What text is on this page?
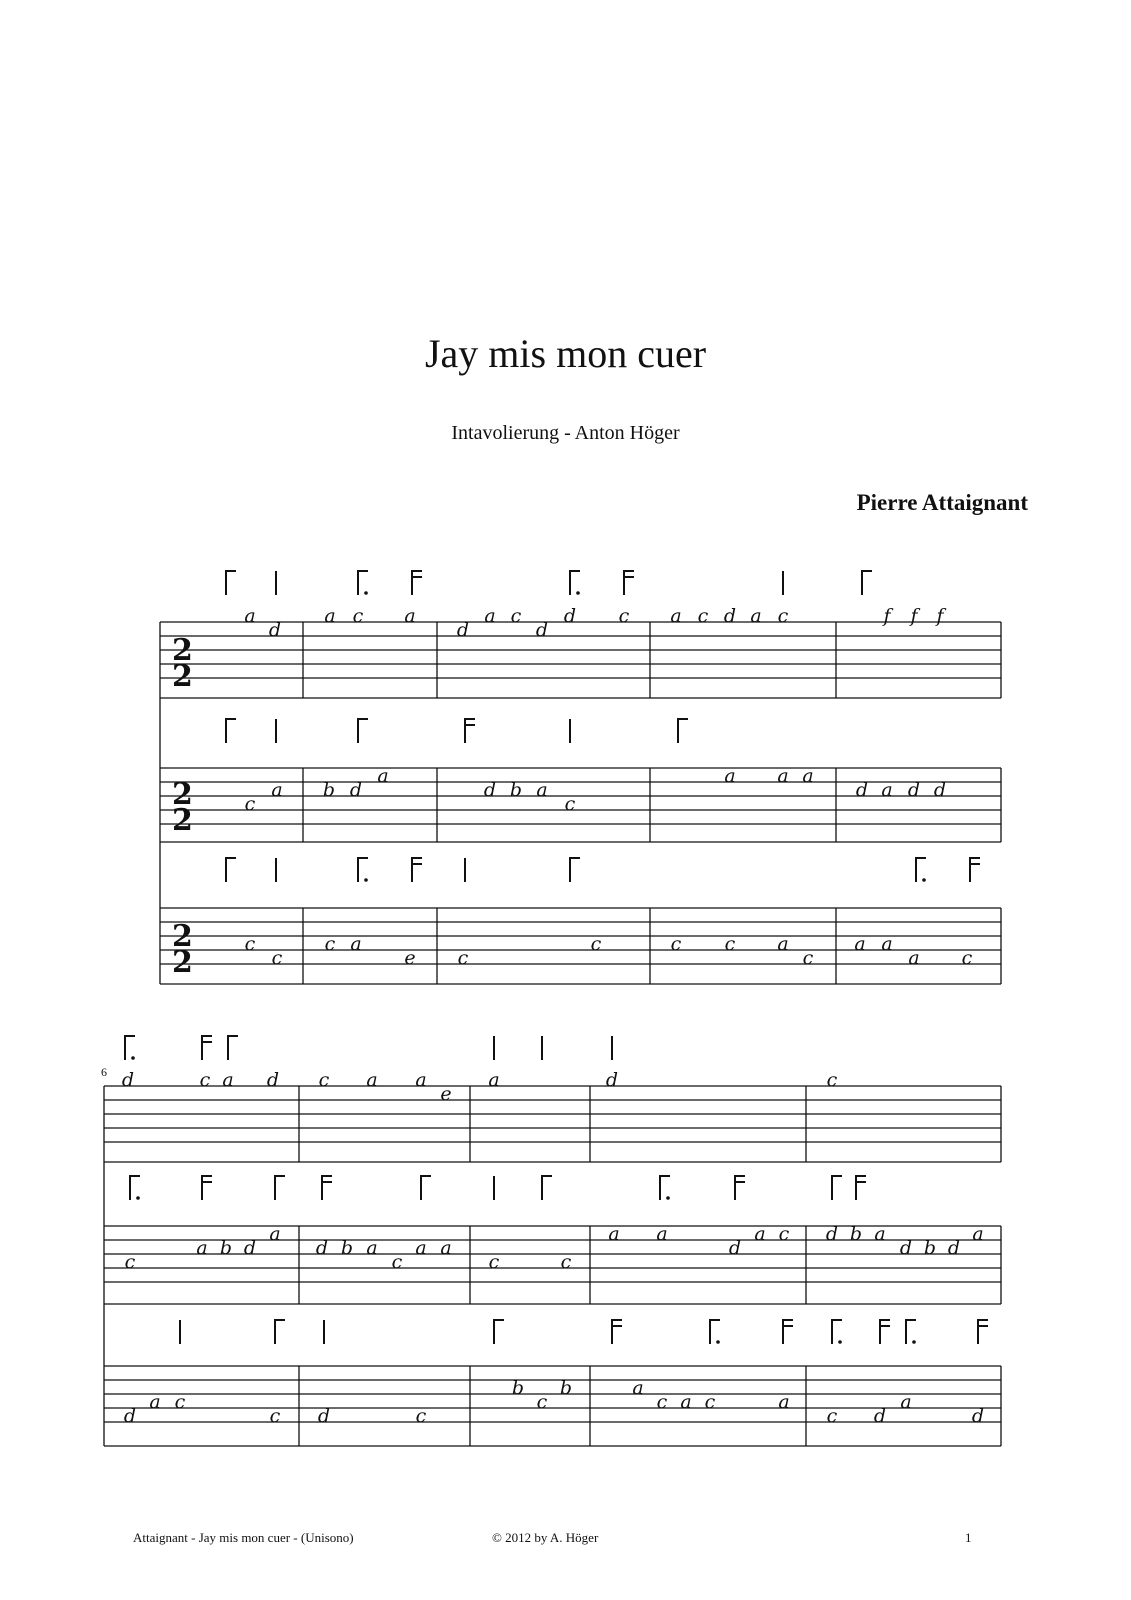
Jay mis mon cuer
Intavolierung - Anton Höger
Pierre Attaignant
2
2
2
2
2
2
a
d
a c a
d
a c
d
d c a c d a c	f f f
c
a b d
a
d b a
c
a a a
d a d d
c
c
c a
e c
c	c c a
c
a a
a c
6 d	c a d c a a
e
a	d	c
c
a b d
a
d b a
c
a a
c	c
a a
d
a c d b a
d b d
a
d
a c
c d	c
b
c
b	a
c a c	a
c d
a
d
Attaignant - Jay mis mon cuer - (Unisono)	© 2012 by A. Höger	1
